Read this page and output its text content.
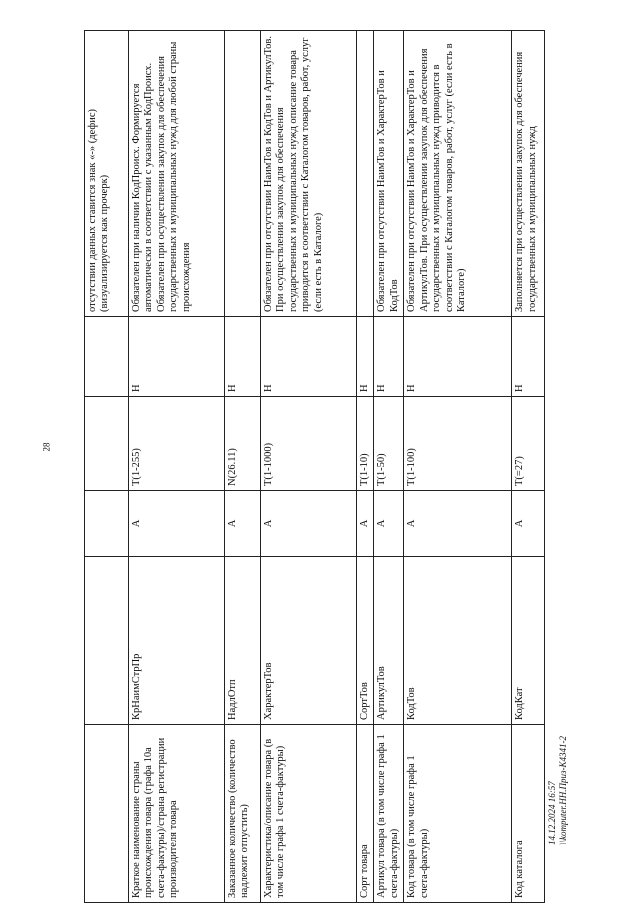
28
14.12.2024 16:57 \\komputer.НН.Приз-К4341-2
					отсутствии данных ставится знак «-» (дефис) (визуализируется как прочерк)
Краткое наименование страны происхождения товара (графа 10а счета-фактуры)/страна регистрации производителя товара	КрНаимСтрПр	А	T(1-255)	Н	Обязателен при наличии КодПроисх. Формируется автоматически в соответствии с указанным КодПроисх. Обязателен при осуществлении закупок для обеспечения государственных и муниципальных нужд для любой страны происхождения
Заказанное количество (количество надлежит отпустить)	НадлОтп	А	N(26.11)	Н	
Характеристика/описание товара (в том числе графа 1 счета-фактуры)	ХарактерТов	А	T(1-1000)	Н	Обязателен при отсутствии НаимТов и КодТов и АртикулТов. При осуществлении закупок для обеспечения государственных и муниципальных нужд описание товара приводится в соответствии с Каталогом товаров, работ, услуг (если есть в Каталоге)
Сорт товара	СортТов	А	T(1-10)	Н	
Артикул товара (в том числе графа 1 счета-фактуры)	АртикулТов	А	T(1-50)	Н	Обязателен при отсутствии НаимТов и ХарактерТов и КодТов
Код товара (в том числе графа 1 счета-фактуры)	КодТов	А	T(1-100)	Н	Обязателен при отсутствии НаимТов и ХарактерТов и АртикулТов. При осуществлении закупок для обеспечения государственных и муниципальных нужд приводится в соответствии с Каталогом товаров, работ, услуг (если есть в Каталоге)
Код каталога	КодКат	А	T(=27)	Н	Заполняется при осуществлении закупок для обеспечения государственных и муниципальных нужд
